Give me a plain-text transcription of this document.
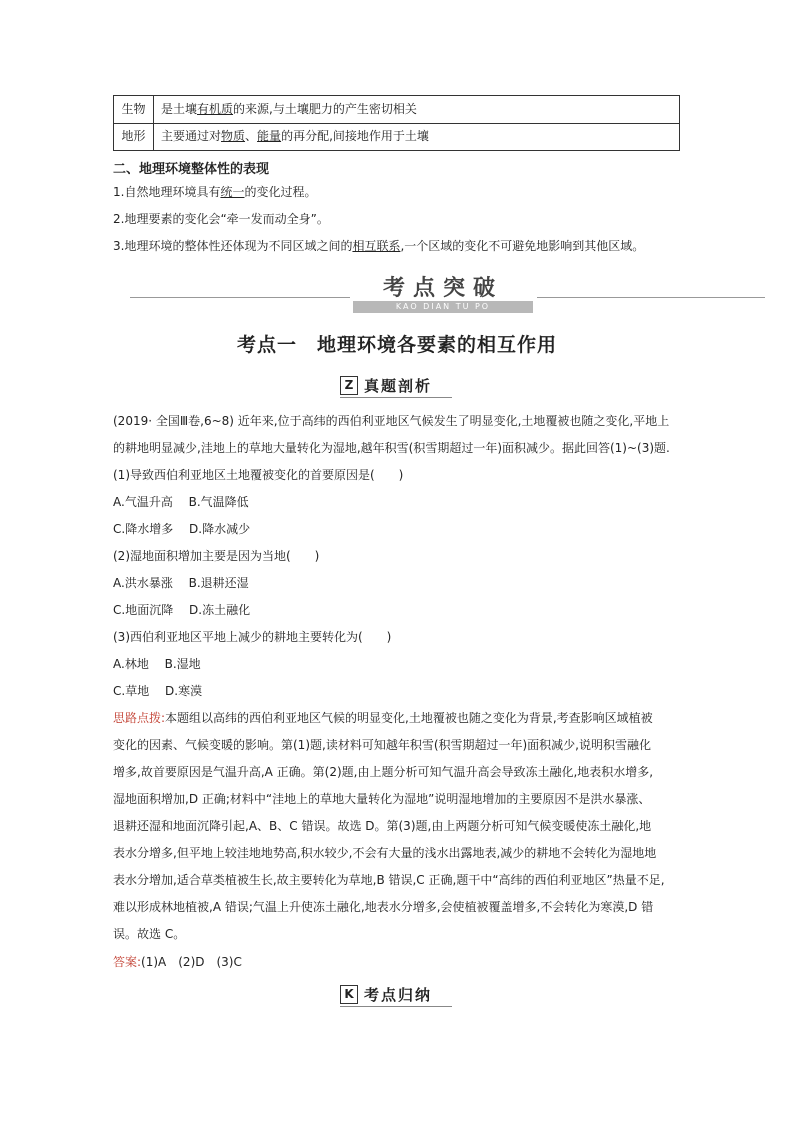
生物	是土壤有机质的来源,与土壤肥力的产生密切相关
地形	主要通过对物质、能量的再分配,间接地作用于土壤
二、地理环境整体性的表现
1.自然地理环境具有统一的变化过程。
2.地理要素的变化会“牵一发而动全身”。
3.地理环境的整体性还体现为不同区域之间的相互联系,一个区域的变化不可避免地影响到其他区域。
考点突破
KAO DIAN TU PO
考点一　地理环境各要素的相互作用
Z 真题剖析
(2019· 全国Ⅲ卷,6~8) 近年来,位于高纬的西伯利亚地区气候发生了明显变化,土地覆被也随之变化,平地上
的耕地明显减少,洼地上的草地大量转化为湿地,越年积雪(积雪期超过一年)面积减少。据此回答(1)~(3)题.
(1)导致西伯利亚地区土地覆被变化的首要原因是(　　)
A.气温升高　 B.气温降低
C.降水增多　 D.降水减少
(2)湿地面积增加主要是因为当地(　　)
A.洪水暴涨　 B.退耕还湿
C.地面沉降　 D.冻土融化
(3)西伯利亚地区平地上减少的耕地主要转化为(　　)
A.林地　 B.湿地
C.草地　 D.寒漠
思路点拨:本题组以高纬的西伯利亚地区气候的明显变化,土地覆被也随之变化为背景,考查影响区域植被
变化的因素、气候变暖的影响。第(1)题,读材料可知越年积雪(积雪期超过一年)面积减少,说明积雪融化
增多,故首要原因是气温升高,A 正确。第(2)题,由上题分析可知气温升高会导致冻土融化,地表积水增多,
湿地面积增加,D 正确;材料中“洼地上的草地大量转化为湿地”说明湿地增加的主要原因不是洪水暴涨、
退耕还湿和地面沉降引起,A、B、C 错误。故选 D。第(3)题,由上两题分析可知气候变暖使冻土融化,地
表水分增多,但平地上较洼地地势高,积水较少,不会有大量的浅水出露地表,减少的耕地不会转化为湿地地
表水分增加,适合草类植被生长,故主要转化为草地,B 错误,C 正确,题干中“高纬的西伯利亚地区”热量不足,
难以形成林地植被,A 错误;气温上升使冻土融化,地表水分增多,会使植被覆盖增多,不会转化为寒漠,D 错
误。故选 C。
答案:(1)A　(2)D　(3)C
K 考点归纳
